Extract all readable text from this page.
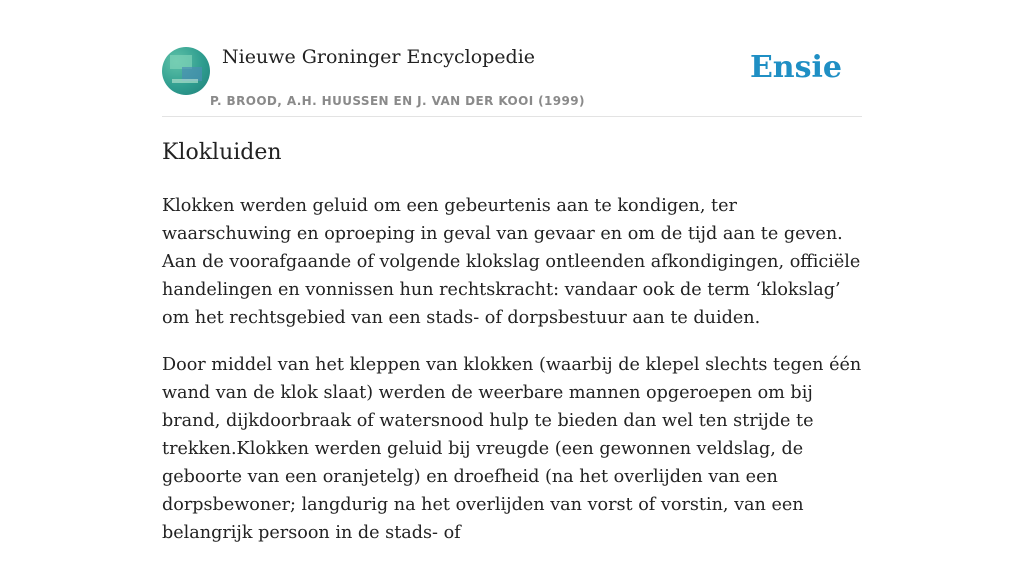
Nieuwe Groninger Encyclopedie
P. BROOD, A.H. HUUSSEN EN J. VAN DER KOOI (1999)
Ensie
Klokluiden

Klokken werden geluid om een gebeurtenis aan te kondigen, ter waarschuwing en oproeping in geval van gevaar en om de tijd aan te geven. Aan de voorafgaande of volgende klokslag ontleenden afkondigingen, officiële handelingen en vonnissen hun rechtskracht: vandaar ook de term ‘klokslag’ om het rechtsgebied van een stads- of dorpsbestuur aan te duiden.

Door middel van het kleppen van klokken (waarbij de klepel slechts tegen één wand van de klok slaat) werden de weerbare mannen opgeroepen om bij brand, dijkdoorbraak of watersnood hulp te bieden dan wel ten strijde te trekken.Klokken werden geluid bij vreugde (een gewonnen veldslag, de geboorte van een oranjetelg) en droefheid (na het overlijden van een dorpsbewoner; langdurig na het overlijden van vorst of vorstin, van een belangrijk persoon in de stads- of
